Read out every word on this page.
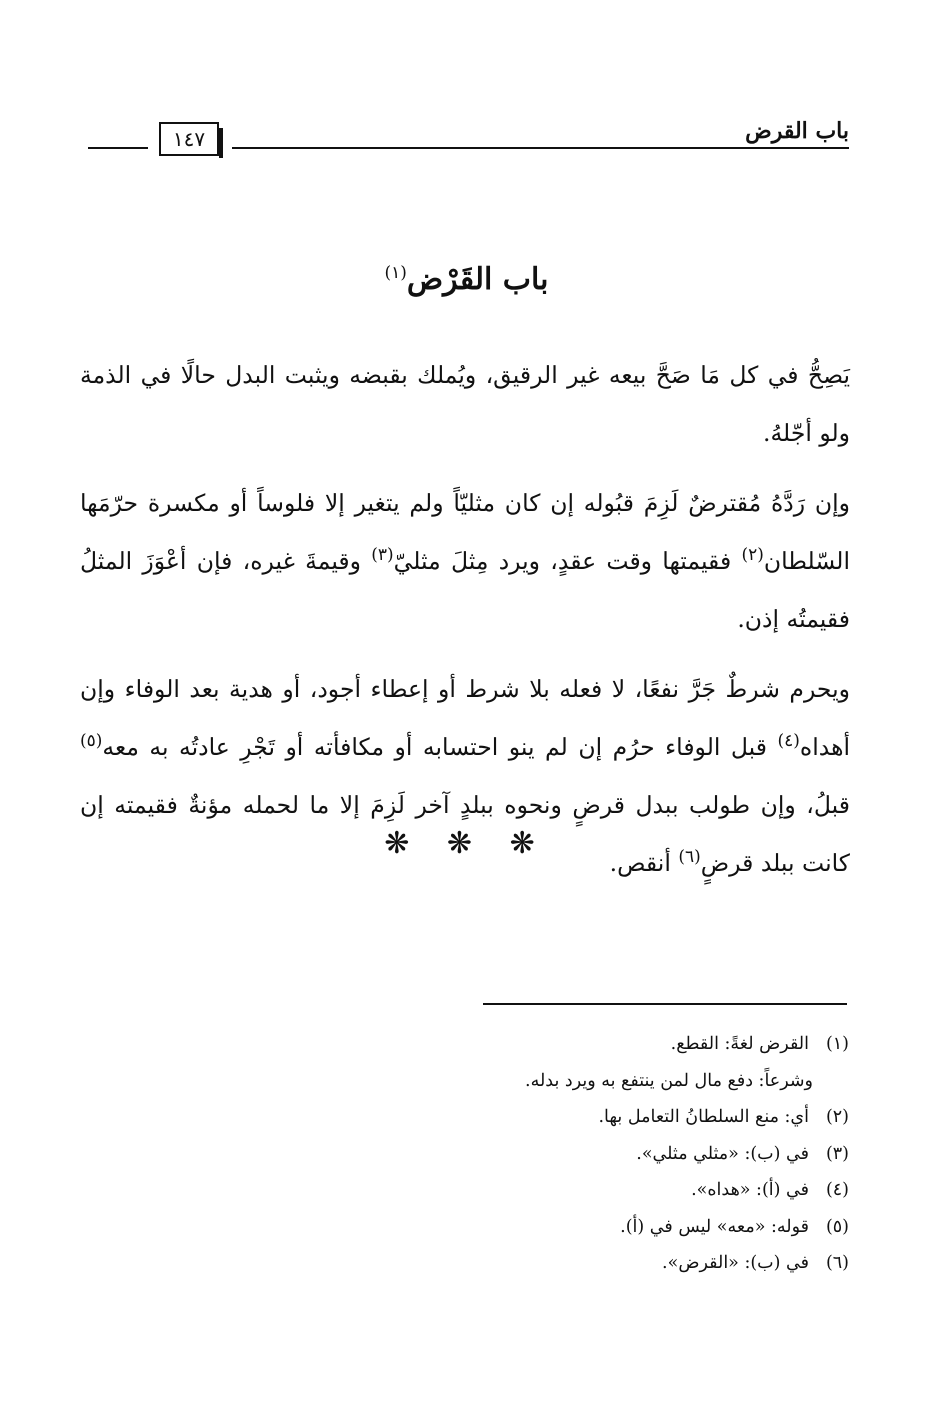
باب القرض
١٤٧
باب القَرْض$^{(١)}$

يَصِحُّ في كل مَا صَحَّ بيعه غير الرقيق، ويُملك بقبضه ويثبت البدل حالًا في الذمة ولو أجّلهُ.

وإن رَدَّهُ مُقترضٌ لَزِمَ قبُوله إن كان مثليّاً ولم يتغير إلا فلوساً أو مكسرة حرّمَها السّلطان$^{(٢)}$ فقيمتها وقت عقدٍ، ويرد مِثلَ مثليّ$^{(٣)}$ وقيمةَ غيره، فإن أعْوَزَ المثلُ فقيمتُه إذن.

ويحرم شرطٌ جَرَّ نفعًا، لا فعله بلا شرط أو إعطاء أجود، أو هدية بعد الوفاء وإن أهداه$^{(٤)}$ قبل الوفاء حرُم إن لم ينو احتسابه أو مكافأته أو تَجْرِ عادتُه به معه$^{(٥)}$ قبلُ، وإن طولب ببدل قرضٍ ونحوه ببلدٍ آخر لَزِمَ إلا ما لحمله مؤنةٌ فقيمته إن كانت ببلد قرضٍ$^{(٦)}$ أنقص.

❋ ❋ ❋
(١)القرض لغةً: القطع.
وشرعاً: دفع مال لمن ينتفع به ويرد بدله.
(٢)أي: منع السلطانُ التعامل بها.
(٣)في (ب): «مثلي مثلي».
(٤)في (أ): «هداه».
(٥)قوله: «معه» ليس في (أ).
(٦)في (ب): «القرض».
